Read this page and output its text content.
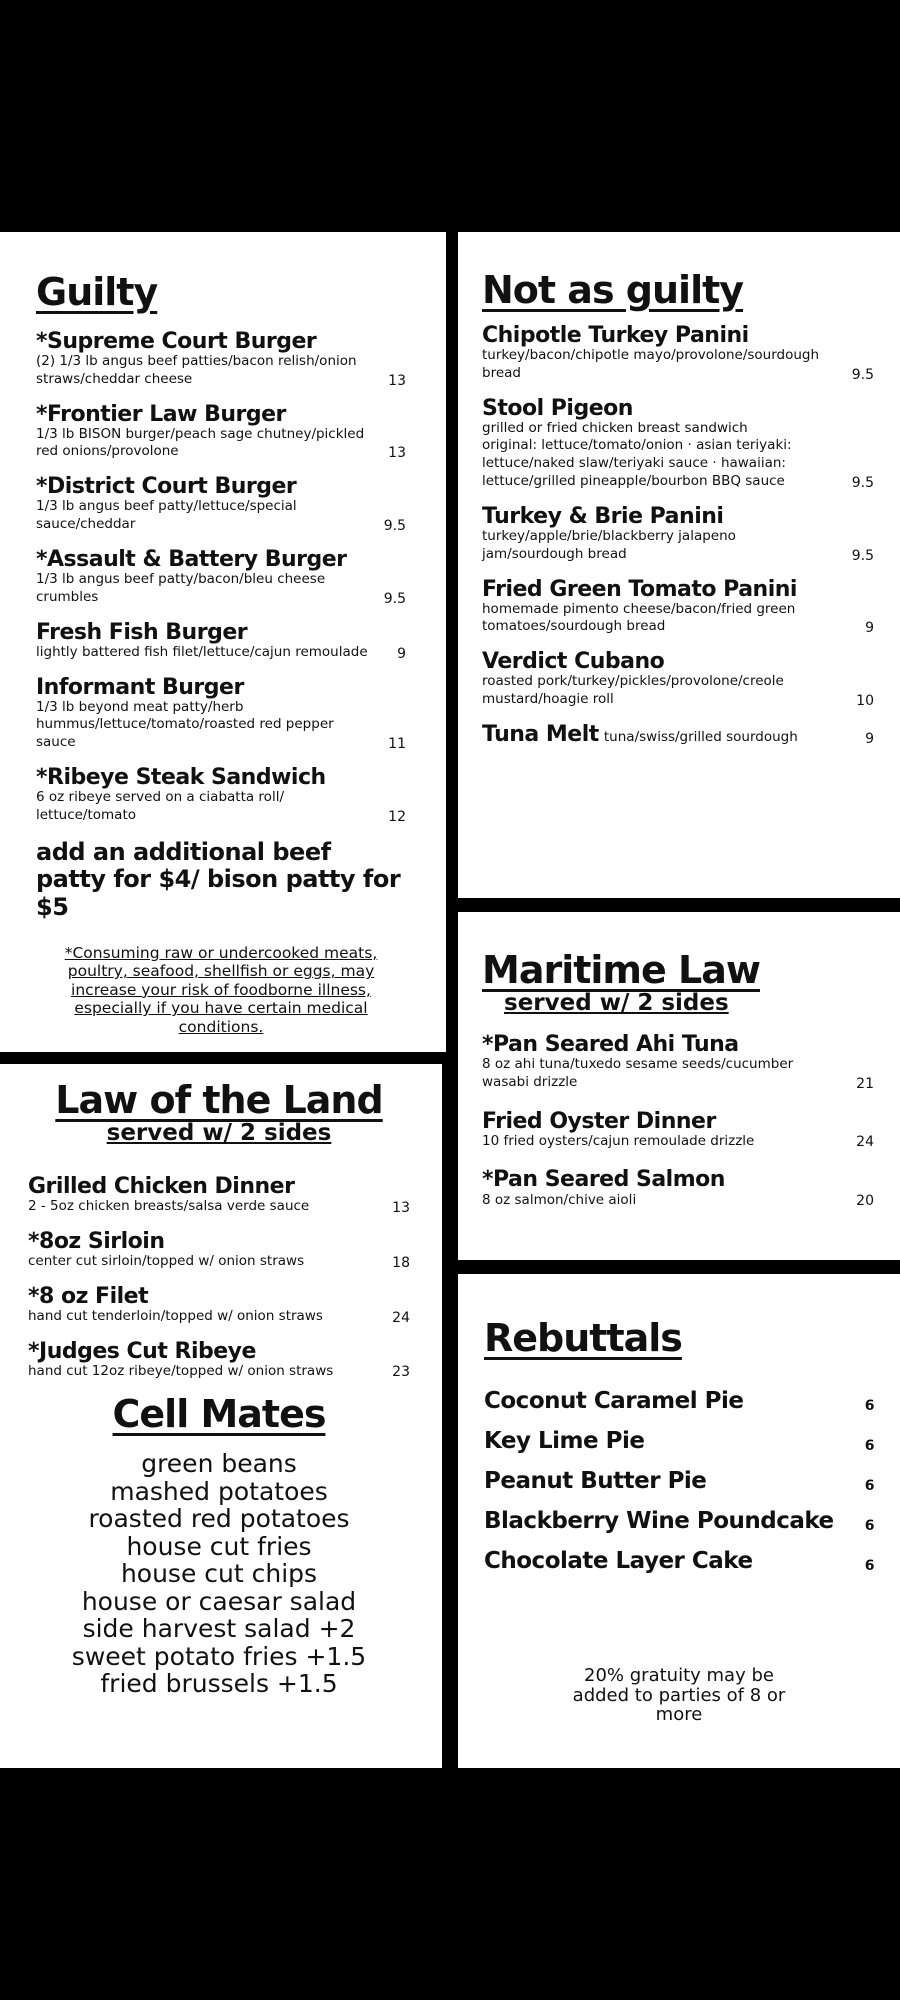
Guilty
*Supreme Court Burger
(2) 1/3 lb angus beef patties/bacon relish/onion straws/cheddar cheese	13
*Frontier Law Burger
1/3 lb BISON burger/peach sage chutney/pickled red onions/provolone	13
*District Court Burger
1/3 lb angus beef patty/lettuce/special sauce/cheddar	9.5
*Assault & Battery Burger
1/3 lb angus beef patty/bacon/bleu cheese crumbles	9.5
Fresh Fish Burger
lightly battered fish filet/lettuce/cajun remoulade	9
Informant Burger
1/3 lb beyond meat patty/herb hummus/lettuce/tomato/roasted red pepper sauce	11
*Ribeye Steak Sandwich
6 oz ribeye served on a ciabatta roll/ lettuce/tomato	12
add an additional beef patty for $4/ bison patty for $5
*Consuming raw or undercooked meats, poultry, seafood, shellfish or eggs, may increase your risk of foodborne illness, especially if you have certain medical conditions.
Law of the Land
served w/ 2 sides
Grilled Chicken Dinner
2 - 5oz chicken breasts/salsa verde sauce	13
*8oz Sirloin
center cut sirloin/topped w/ onion straws	18
*8 oz Filet
hand cut tenderloin/topped w/ onion straws	24
*Judges Cut Ribeye
hand cut 12oz ribeye/topped w/ onion straws	23
Cell Mates
green beans
mashed potatoes
roasted red potatoes
house cut fries
house cut chips
house or caesar salad
side harvest salad +2
sweet potato fries +1.5
fried brussels +1.5
Not as guilty
Chipotle Turkey Panini
turkey/bacon/chipotle mayo/provolone/sourdough bread	9.5
Stool Pigeon
grilled or fried chicken breast sandwich
original: lettuce/tomato/onion · asian teriyaki: lettuce/naked slaw/teriyaki sauce · hawaiian: lettuce/grilled pineapple/bourbon BBQ sauce	9.5
Turkey & Brie Panini
turkey/apple/brie/blackberry jalapeno jam/sourdough bread	9.5
Fried Green Tomato Panini
homemade pimento cheese/bacon/fried green tomatoes/sourdough bread	9
Verdict Cubano
roasted pork/turkey/pickles/provolone/creole mustard/hoagie roll	10
Tuna Melt tuna/swiss/grilled sourdough	9
Maritime Law
served w/ 2 sides
*Pan Seared Ahi Tuna
8 oz ahi tuna/tuxedo sesame seeds/cucumber wasabi drizzle	21
Fried Oyster Dinner
10 fried oysters/cajun remoulade drizzle	24
*Pan Seared Salmon
8 oz salmon/chive aioli	20
Rebuttals
Coconut Caramel Pie	6
Key Lime Pie	6
Peanut Butter Pie	6
Blackberry Wine Poundcake 6
Chocolate Layer Cake	6
20% gratuity may be added to parties of 8 or more
